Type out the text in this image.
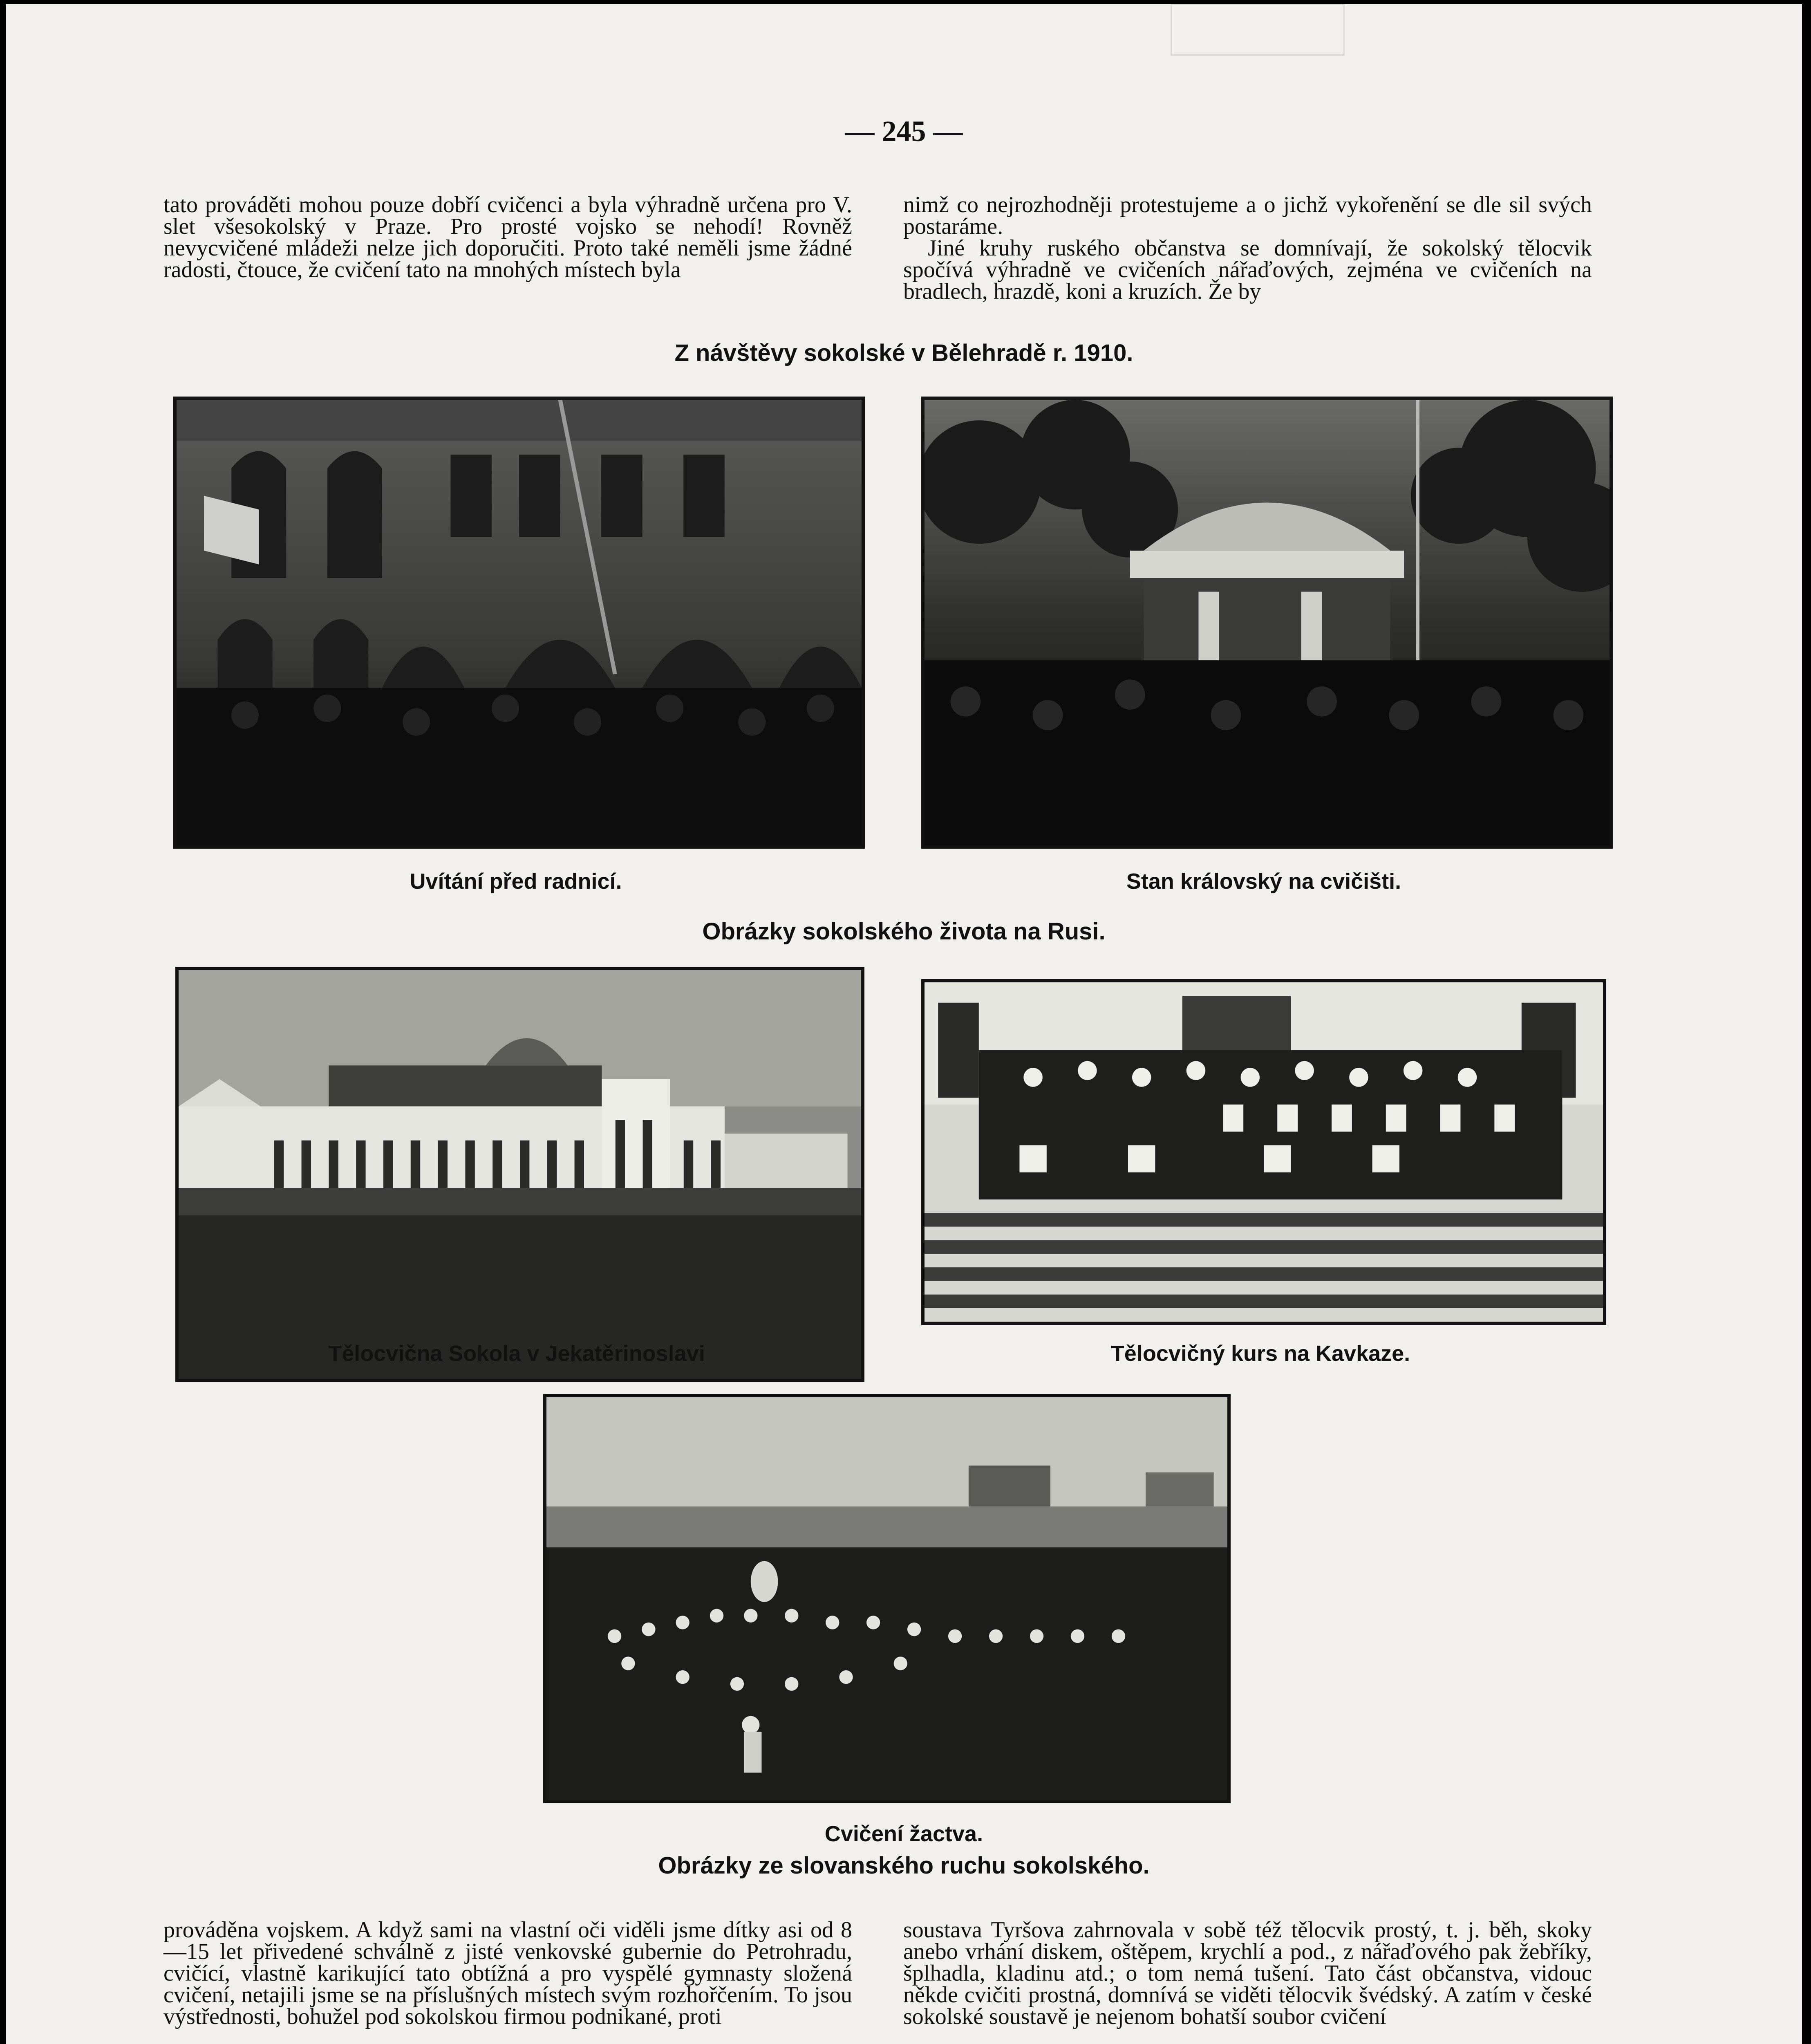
— 245 —

tato prováděti mohou pouze dobří cvičenci a byla výhradně určena pro V. slet všesokolský v Praze. Pro prosté vojsko se nehodí! Rovněž nevycvičené mládeži nelze jich doporučiti. Proto také neměli jsme žádné radosti, čtouce, že cvičení tato na mnohých místech byla

nimž co nejrozhodněji protestujeme a o jichž vykořenění se dle sil svých postaráme.

Jiné kruhy ruského občanstva se domnívají, že sokolský tělocvik spočívá výhradně ve cvičeních nářaďových, zejména ve cvičeních na bradlech, hrazdě, koni a kruzích. Že by

Z návštěvy sokolské v Bělehradě r. 1910.
Uvítání před radnicí.	Stan královský na cvičišti.
Obrázky sokolského života na Rusi.
Tělocvična Sokola v Jekatěrinoslavi	Tělocvičný kurs na Kavkaze.
Cvičení žactva.
Obrázky ze slovanského ruchu sokolského.

prováděna vojskem. A když sami na vlastní oči viděli jsme dítky asi od 8—15 let přivedené schválně z jisté venkovské gubernie do Petrohradu, cvičící, vlastně karikující tato obtížná a pro vyspělé gymnasty složená cvičení, netajili jsme se na příslušných místech svým rozhořčením. To jsou výstřednosti, bohužel pod sokolskou firmou podnikané, proti

soustava Tyršova zahrnovala v sobě též tělocvik prostý, t. j. běh, skoky anebo vrhání diskem, oštěpem, krychlí a pod., z nářaďového pak žebříky, šplhadla, kladinu atd.; o tom nemá tušení. Tato část občanstva, vidouc někde cvičiti prostná, domnívá se viděti tělocvik švédský. A zatím v české sokolské soustavě je nejenom bohatší soubor cvičení
